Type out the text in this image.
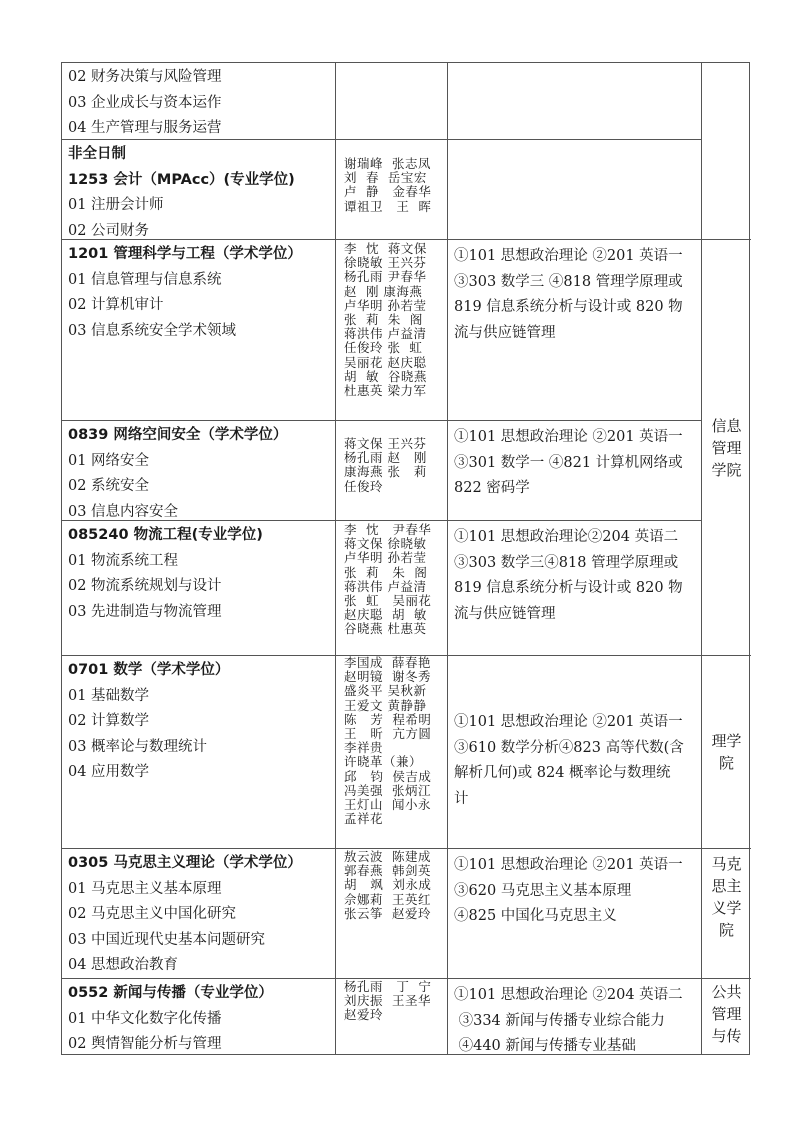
02 财务决策与风险管理
03 企业成长与资本运作
04 生产管理与服务运营
非全日制
1253 会计（MPAcc）(专业学位)
01 注册会计师
02 公司财务
谢瑞峰  张志凤
刘  春  岳宝宏
卢  静   金春华
谭祖卫   王  晖
1201 管理科学与工程（学术学位）
01 信息管理与信息系统
02 计算机审计
03 信息系统安全学术领域
李  忱  蒋文保
徐晓敏 王兴芬
杨孔雨 尹春华
赵  刚 康海燕
卢华明 孙若莹
张  莉  朱  阁
蒋洪伟 卢益清
任俊玲 张  虹
吴丽花 赵庆聪
胡  敏  谷晓燕
杜惠英 梁力军
①101 思想政治理论 ②201 英语一
③303 数学三 ④818 管理学原理或
819 信息系统分析与设计或 820 物
流与供应链管理
0839 网络空间安全（学术学位）
01 网络安全
02 系统安全
03 信息内容安全
蒋文保 王兴芬
杨孔雨 赵   刚
康海燕 张   莉
任俊玲
①101 思想政治理论 ②201 英语一
③301 数学一 ④821 计算机网络或
822 密码学
085240 物流工程(专业学位)
01 物流系统工程
02 物流系统规划与设计
03 先进制造与物流管理
李  忱   尹春华
蒋文保 徐晓敏
卢华明 孙若莹
张  莉   朱  阁
蒋洪伟 卢益清
张  虹   吴丽花
赵庆聪  胡  敏
谷晓燕 杜惠英
①101 思想政治理论②204 英语二
③303 数学三④818 管理学原理或
819 信息系统分析与设计或 820 物
流与供应链管理
信息管理学院
0701 数学（学术学位）
01 基础数学
02 计算数学
03 概率论与数理统计
04 应用数学
李国成  薛春艳
赵明镜  谢冬秀
盛炎平 吴秋新
王爱文 黄静静
陈   芳  程希明
王   昕  亢方圆
李祥贵
许晓革（兼）
邱   钧  侯吉成
冯美强  张炳江
王灯山  闻小永
孟祥花
①101 思想政治理论 ②201 英语一
③610 数学分析④823 高等代数(含
解析几何)或 824 概率论与数理统
计
理学院
0305 马克思主义理论（学术学位）
01 马克思主义基本原理
02 马克思主义中国化研究
03 中国近现代史基本问题研究
04 思想政治教育
敖云波  陈建成
郭春燕  韩剑英
胡   飒  刘永成
佘娜莉  王英红
张云筝  赵爱玲
①101 思想政治理论 ②201 英语一
③620 马克思主义基本原理
④825 中国化马克思主义
马克思主义学院
0552 新闻与传播（专业学位）
01 中华文化数字化传播
02 舆情智能分析与管理
杨孔雨   丁  宁
刘庆振  王圣华
赵爱玲
①101 思想政治理论 ②204 英语二
③334 新闻与传播专业综合能力
④440 新闻与传播专业基础
公共管理与传
